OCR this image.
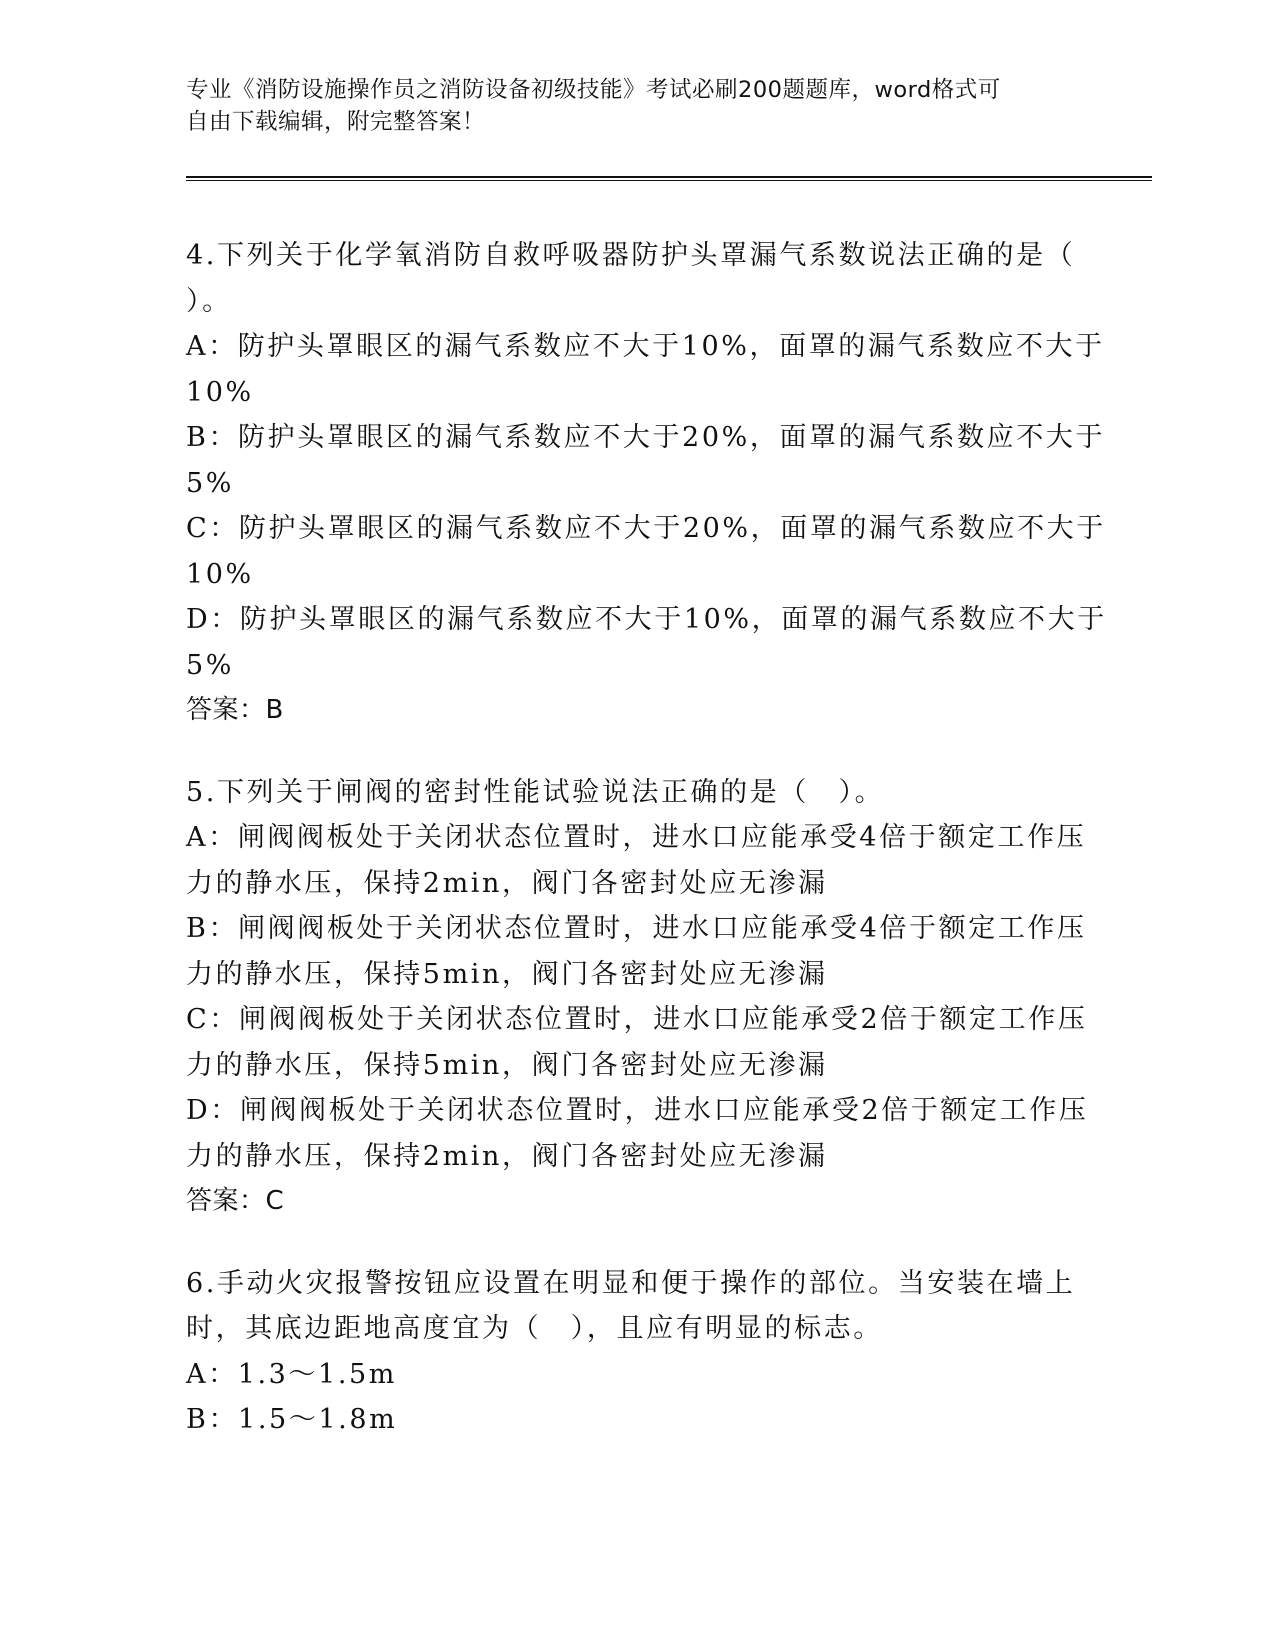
专业《消防设施操作员之消防设备初级技能》考试必刷200题题库，word格式可
自由下载编辑，附完整答案！
4.下列关于化学氧消防自救呼吸器防护头罩漏气系数说法正确的是（
）。
A：防护头罩眼区的漏气系数应不大于10%，面罩的漏气系数应不大于
10%
B：防护头罩眼区的漏气系数应不大于20%，面罩的漏气系数应不大于
5%
C：防护头罩眼区的漏气系数应不大于20%，面罩的漏气系数应不大于
10%
D：防护头罩眼区的漏气系数应不大于10%，面罩的漏气系数应不大于
5%
答案：B
5.下列关于闸阀的密封性能试验说法正确的是（　）。
A：闸阀阀板处于关闭状态位置时，进水口应能承受4倍于额定工作压
力的静水压，保持2min，阀门各密封处应无渗漏
B：闸阀阀板处于关闭状态位置时，进水口应能承受4倍于额定工作压
力的静水压，保持5min，阀门各密封处应无渗漏
C：闸阀阀板处于关闭状态位置时，进水口应能承受2倍于额定工作压
力的静水压，保持5min，阀门各密封处应无渗漏
D：闸阀阀板处于关闭状态位置时，进水口应能承受2倍于额定工作压
力的静水压，保持2min，阀门各密封处应无渗漏
答案：C
6.手动火灾报警按钮应设置在明显和便于操作的部位。当安装在墙上
时，其底边距地高度宜为（　），且应有明显的标志。
A：1.3～1.5m
B：1.5～1.8m
